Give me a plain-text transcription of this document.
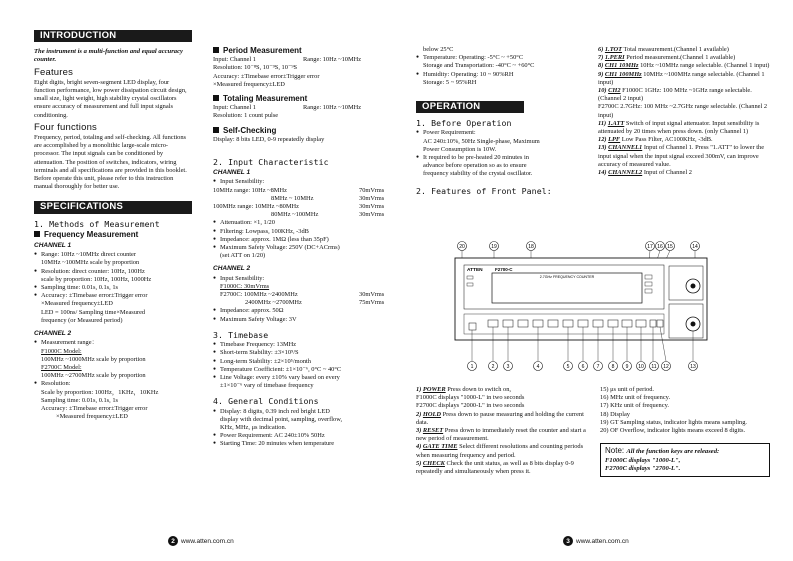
INTRODUCTION
The instrument is a multi-function and equal accuracy counter.
Features
Eight digits, bright seven-segment LED display, four function performance, low power dissipation circuit design, small size, light weight, high stability crystal oscillators ensure accuracy of measurement and full input signals conditioning.
Four functions
Frequency, period, totaling and self-checking. All functions are accomplished by a monolithic large-scale micro-processor. The input signals can be conditioned by attenuation. The position of switches, indicators, wiring terminals and all specifications are provided in this booklet. Before operate this unit, please refer to this instruction manual thoroughly for better use.
SPECIFICATIONS
1. Methods of Measurement
Frequency Measurement
CHANNEL 1
● Range: 10Hz ~10MHz direct counter
10MHz ~100MHz scale by proportion
● Resolution: direct counter: 10Hz, 100Hz
scale by proportion: 10Hz, 100Hz, 1000Hz
● Sampling time: 0.01s, 0.1s, 1s
● Accuracy: ±Timebase error±Trigger error
×Measured frequency±LED
LED = 100ns/ Sampling time×Measured
frequency (or Measured period)
CHANNEL 2
● Measurement range：
F1000C Model:
100MHz ~1000MHz scale by proportion
F2700C Model:
100MHz ~2700MHz scale by proportion
● Resolution:
Scale by proportion: 100Hz，1KHz，10KHz
Sampling time: 0.01s, 0.1s, 1s
Accuracy: ±Timebase error±Trigger error
×Measured frequency±LED
Period Measurement
Input: Channel 1	Range: 10Hz ~10MHz
Resolution: 10⁻⁸S, 10⁻⁹S, 10⁻⁹S
Accuracy: ±Timebase error±Trigger error
×Measured frequency±LED
Totaling Measurement
Input: Channel 1	Range: 10Hz ~10MHz
Resolution: 1 count pulse
Self-Checking
Display: 8 bits LED, 0-9 repeatedly display
2. Input Characteristic
CHANNEL 1
● Input Sensibility:
10MHz range: 10Hz ~8MHz	70mVrms
8MHz ~ 10MHz	30mVrms
100MHz range: 10MHz ~80MHz	30mVrms
80MHz ~100MHz	30mVrms
● Attenuation: ×1, 1/20
● Filtering: Lowpass, 100KHz, -3dB
● Impedance: approx. 1MΩ (less than 35pF)
● Maximum Safety Voltage: 250V (DC+ACrms)
(set ATT on 1/20)
CHANNEL 2
● Input Sensibility:
F1000C: 30mVrms
F2700C: 100MHz ~2400MHz	30mVrms
2400MHz ~2700MHz	75mVrms
● Impedance: approx. 50Ω
● Maximum Safety Voltage: 3V
3. Timebase
● Timebase Frequency: 13MHz
● Short-term Stability: ±3×10⁹/S
● Long-term Stability: ±2×10⁵/month
● Temperature Coefficient: ±1×10⁻⁶, 0°C ~ 40°C
● Line Voltage: every ±10% vary based on every
±1×10⁻⁶ vary of timebase frequency
4. General Conditions
● Display: 8 digits, 0.39 inch red bright LED
display with decimal point, sampling, overflow,
KHz, MHz, μs indication.
● Power Requirement: AC 240±10% 50Hz
● Starting Time: 20 minutes when temperature
below 25°C
● Temperature: Operating: -5°C ~ +50°C
Storage and Transportation: -40°C ~ +60°C
● Humidity: Operating: 10 ~ 90%RH
Storage: 5 ~ 95%RH
OPERATION
1. Before Operation
● Power Requirement:
AC 240±10%, 50Hz Single-phase, Maximum
Power Consumption is 10W.
● It required to be pre-heated 20 minutes in
advance before operation so as to ensure
frequency stability of the crystal oscillator.
2. Features of Front Panel:
20	19	18	17 16 15	14
ATTEN	F2700-C
2.7GHz FREQUENCY COUNTER
1	2 3	4	5 6 7 8 9 10 11 12	13
1) POWER Press down to switch on,
F1000C displays "1000-L" in two seconds
F2700C displays "2000-L" in two seconds
2) HOLD Press down to pause measuring and holding the current data.
3) RESET Press down to immediately reset the counter and start a new period of measurement.
4) GATE TIME Select different resolutions and counting periods when measuring frequency and period.
5) CHECK Check the unit status, as well as 8 bits display 0-9 repeatedly and simultaneously when press it.
15) μs unit of period.
16) MHz unit of frequency.
17) KHz unit of frequency.
18) Display
19) GT Sampling status, indicator lights means sampling.
20) OF Overflow, indicator lights means exceed 8 digits.
Note: All the function keys are released:
F1000C displays "1000-L",
F2700C displays "2700-L".
6) 1.TOT Total measurement.(Channel 1 available)
7) 1.PERI Period measurement.(Channel 1 available)
8) CH1 10MHz 10Hz ~10MHz range selectable. (Channel 1 input)
9) CH1 100MHz 10MHz ~100MHz range selectable. (Channel 1 input)
10) CH2 F1000C 1GHz: 100 MHz ~1GHz range selectable. (Channel 2 input)
F2700C 2.7GHz: 100 MHz ~2.7GHz range selectable. (Channel 2 input)
11) 1.ATT Switch of input signal attenuator. Input sensibility is attenuated by 20 times when press down. (only Channel 1)
12) LPF Low Pass Filter, AC100KHz, -3dB.
13) CHANNEL1 Input of Channel 1. Press "1.ATT" to lower the input signal when the input signal exceed 300mV, can improve accuracy of measured value.
14) CHANNEL2 Input of Channel 2
2 www.atten.com.cn	3 www.atten.com.cn
